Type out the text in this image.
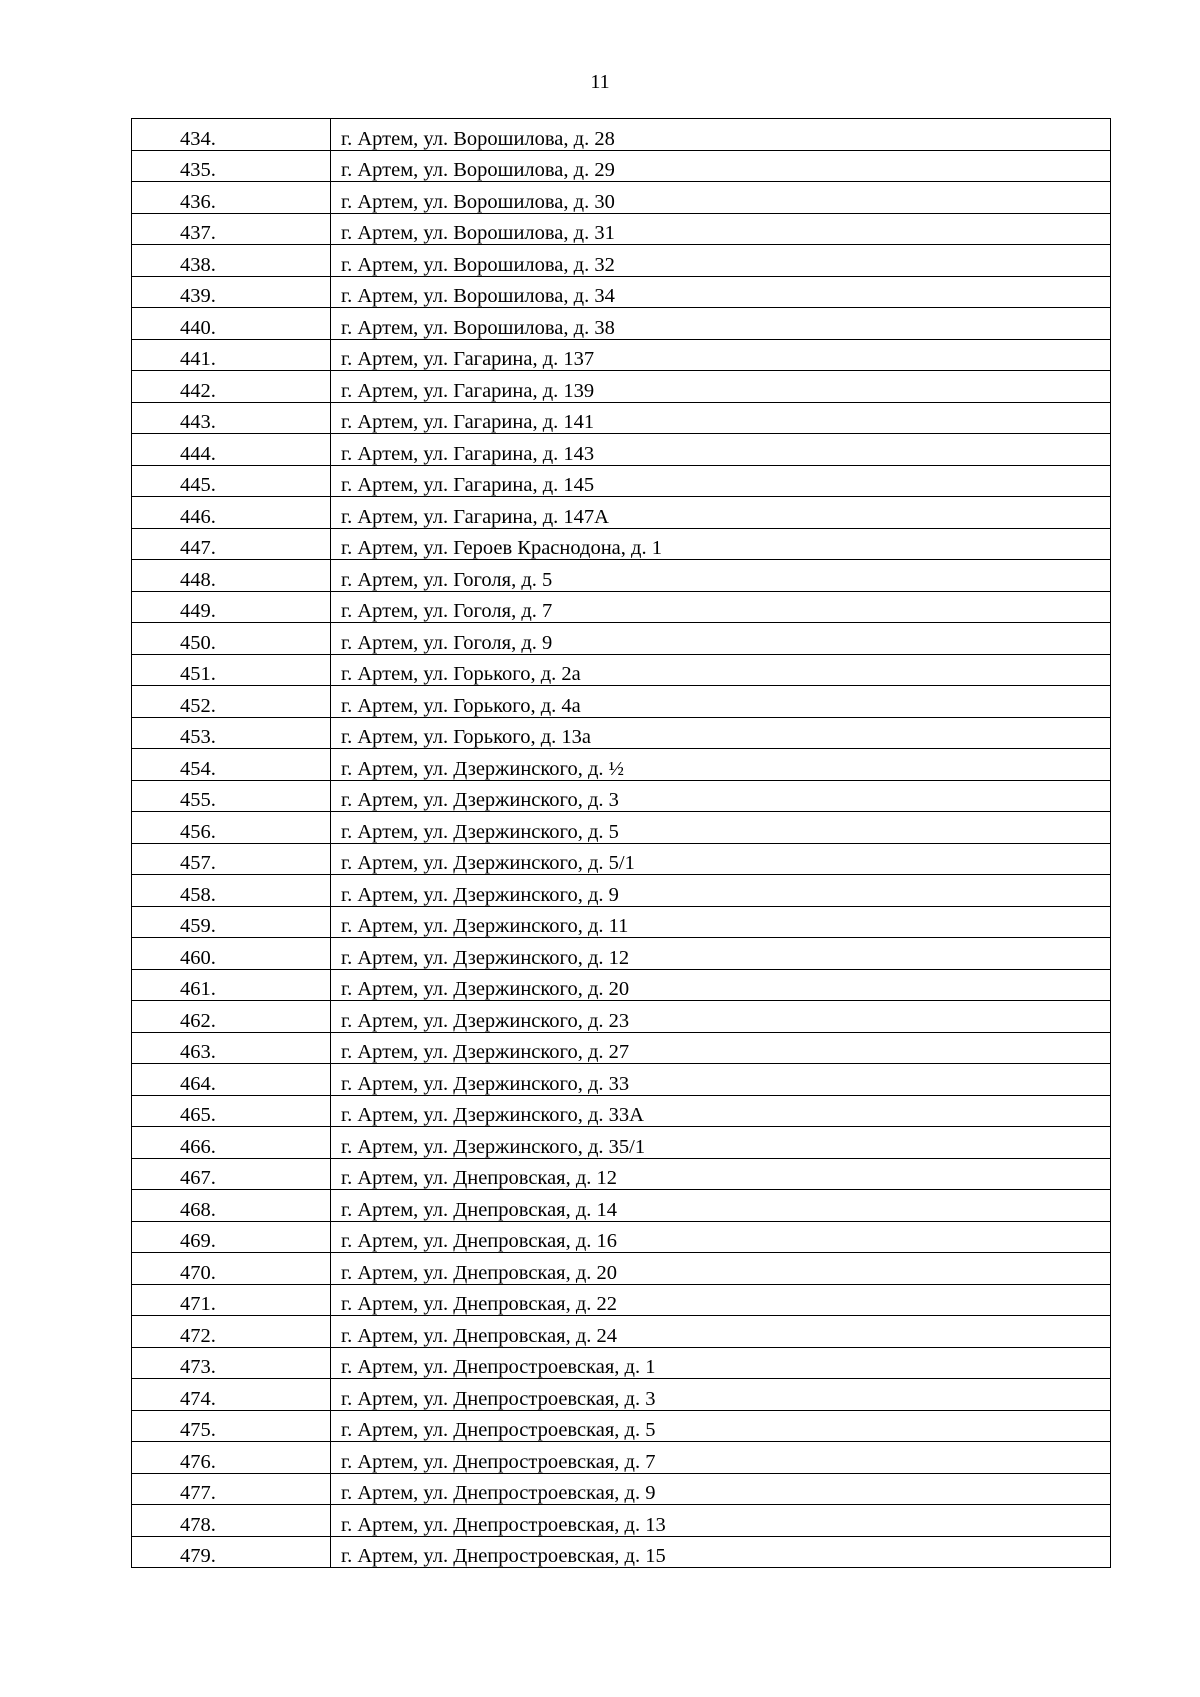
11
434.	г. Артем, ул. Ворошилова, д. 28
435.	г. Артем, ул. Ворошилова, д. 29
436.	г. Артем, ул. Ворошилова, д. 30
437.	г. Артем, ул. Ворошилова, д. 31
438.	г. Артем, ул. Ворошилова, д. 32
439.	г. Артем, ул. Ворошилова, д. 34
440.	г. Артем, ул. Ворошилова, д. 38
441.	г. Артем, ул. Гагарина, д. 137
442.	г. Артем, ул. Гагарина, д. 139
443.	г. Артем, ул. Гагарина, д. 141
444.	г. Артем, ул. Гагарина, д. 143
445.	г. Артем, ул. Гагарина, д. 145
446.	г. Артем, ул. Гагарина, д. 147А
447.	г. Артем, ул. Героев Краснодона, д. 1
448.	г. Артем, ул. Гоголя, д. 5
449.	г. Артем, ул. Гоголя, д. 7
450.	г. Артем, ул. Гоголя, д. 9
451.	г. Артем, ул. Горького, д. 2а
452.	г. Артем, ул. Горького, д. 4а
453.	г. Артем, ул. Горького, д. 13а
454.	г. Артем, ул. Дзержинского, д. ½
455.	г. Артем, ул. Дзержинского, д. 3
456.	г. Артем, ул. Дзержинского, д. 5
457.	г. Артем, ул. Дзержинского, д. 5/1
458.	г. Артем, ул. Дзержинского, д. 9
459.	г. Артем, ул. Дзержинского, д. 11
460.	г. Артем, ул. Дзержинского, д. 12
461.	г. Артем, ул. Дзержинского, д. 20
462.	г. Артем, ул. Дзержинского, д. 23
463.	г. Артем, ул. Дзержинского, д. 27
464.	г. Артем, ул. Дзержинского, д. 33
465.	г. Артем, ул. Дзержинского, д. 33А
466.	г. Артем, ул. Дзержинского, д. 35/1
467.	г. Артем, ул. Днепровская, д. 12
468.	г. Артем, ул. Днепровская, д. 14
469.	г. Артем, ул. Днепровская, д. 16
470.	г. Артем, ул. Днепровская, д. 20
471.	г. Артем, ул. Днепровская, д. 22
472.	г. Артем, ул. Днепровская, д. 24
473.	г. Артем, ул. Днепростроевская, д. 1
474.	г. Артем, ул. Днепростроевская, д. 3
475.	г. Артем, ул. Днепростроевская, д. 5
476.	г. Артем, ул. Днепростроевская, д. 7
477.	г. Артем, ул. Днепростроевская, д. 9
478.	г. Артем, ул. Днепростроевская, д. 13
479.	г. Артем, ул. Днепростроевская, д. 15
